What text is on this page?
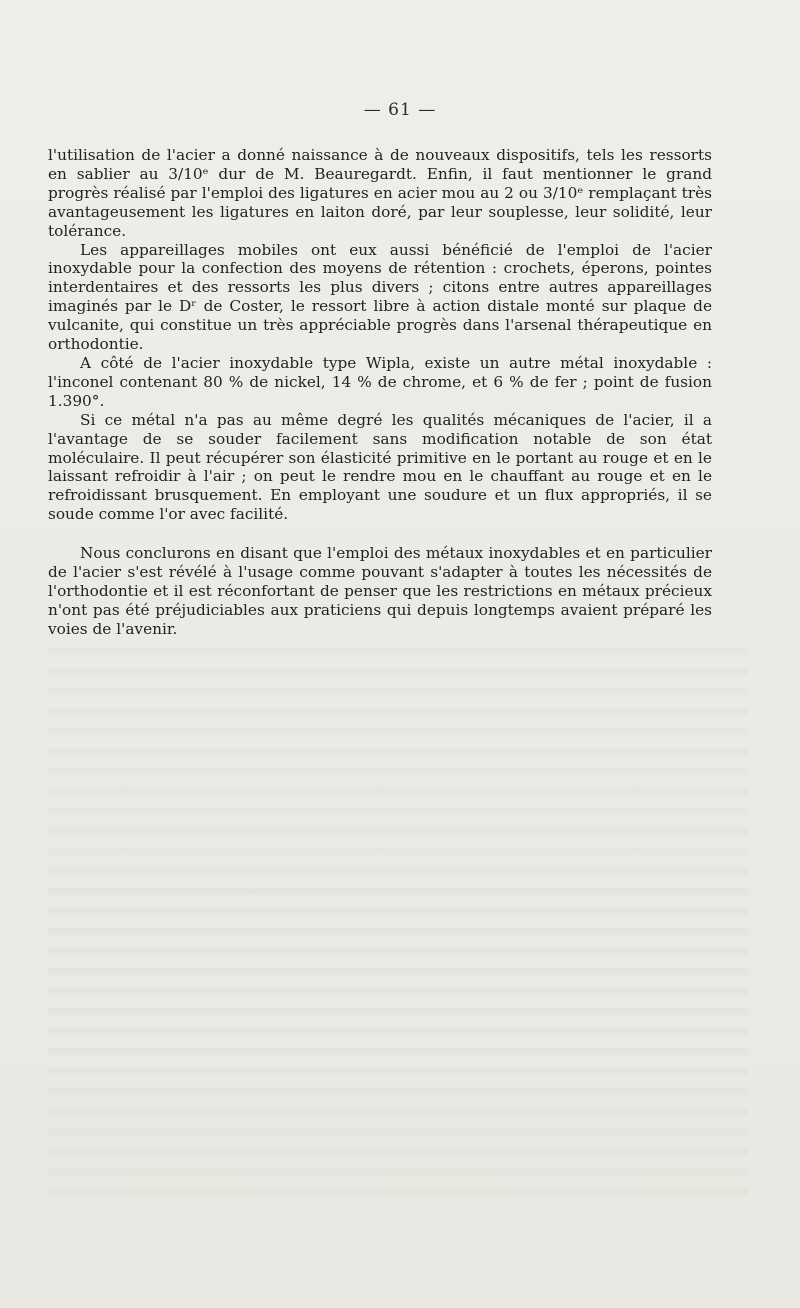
— 61 —

l'utilisation de l'acier a donné naissance à de nouveaux dispositifs, tels les ressorts en sablier au 3/10ᵉ dur de M. Beauregardt. Enfin, il faut mentionner le grand progrès réalisé par l'emploi des ligatures en acier mou au 2 ou 3/10ᵉ remplaçant très avantageusement les ligatures en laiton doré, par leur souplesse, leur solidité, leur tolérance.

Les appareillages mobiles ont eux aussi bénéficié de l'emploi de l'acier inoxydable pour la confection des moyens de rétention : crochets, éperons, pointes interdentaires et des ressorts les plus divers ; citons entre autres appareillages imaginés par le Dʳ de Coster, le ressort libre à action distale monté sur plaque de vulcanite, qui constitue un très appréciable progrès dans l'arsenal thérapeutique en orthodontie.

A côté de l'acier inoxydable type Wipla, existe un autre métal inoxydable : l'inconel contenant 80 % de nickel, 14 % de chrome, et 6 % de fer ; point de fusion 1.390°.

Si ce métal n'a pas au même degré les qualités mécaniques de l'acier, il a l'avantage de se souder facilement sans modification notable de son état moléculaire. Il peut récupérer son élasticité primitive en le portant au rouge et en le laissant refroidir à l'air ; on peut le rendre mou en le chauffant au rouge et en le refroidissant brusquement. En employant une soudure et un flux appropriés, il se soude comme l'or avec facilité.

Nous conclurons en disant que l'emploi des métaux inoxydables et en particulier de l'acier s'est révélé à l'usage comme pouvant s'adapter à toutes les nécessités de l'orthodontie et il est réconfortant de penser que les restrictions en métaux précieux n'ont pas été préjudiciables aux praticiens qui depuis longtemps avaient préparé les voies de l'avenir.
